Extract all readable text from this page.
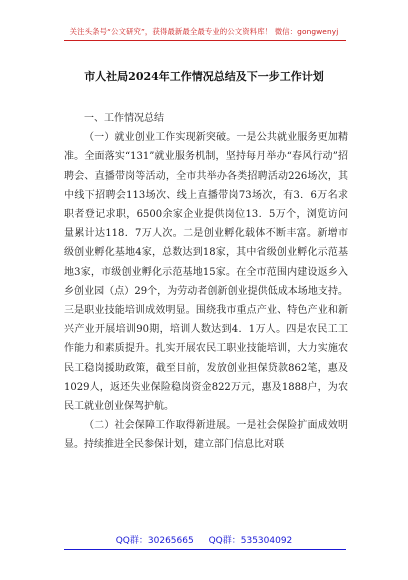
关注头条号“公文研究”，获得最新最全最专业的公文资料库！ 微信：gongwenyj
市人社局2024年工作情况总结及下一步工作计划
一、工作情况总结

（一）就业创业工作实现新突破。一是公共就业服务更加精准。全面落实“131”就业服务机制，坚持每月举办“春风行动”招聘会、直播带岗等活动，全市共举办各类招聘活动226场次，其中线下招聘会113场次、线上直播带岗73场次，有3．6万名求职者登记求职，6500余家企业提供岗位13．5万个，浏览访问量累计达118．7万人次。二是创业孵化载体不断丰富。新增市级创业孵化基地4家，总数达到18家，其中省级创业孵化示范基地3家，市级创业孵化示范基地15家。在全市范围内建设返乡入乡创业园（点）29个，为劳动者创新创业提供低成本场地支持。三是职业技能培训成效明显。围绕我市重点产业、特色产业和新兴产业开展培训90期，培训人数达到4．1万人。四是农民工工作能力和素质提升。扎实开展农民工职业技能培训，大力实施农民工稳岗援助政策，截至目前，发放创业担保贷款862笔，惠及1029人，返还失业保险稳岗资金822万元，惠及1888户，为农民工就业创业保驾护航。

（二）社会保障工作取得新进展。一是社会保险扩面成效明显。持续推进全民参保计划，建立部门信息比对联

QQ群：30265665 QQ群：535304092
